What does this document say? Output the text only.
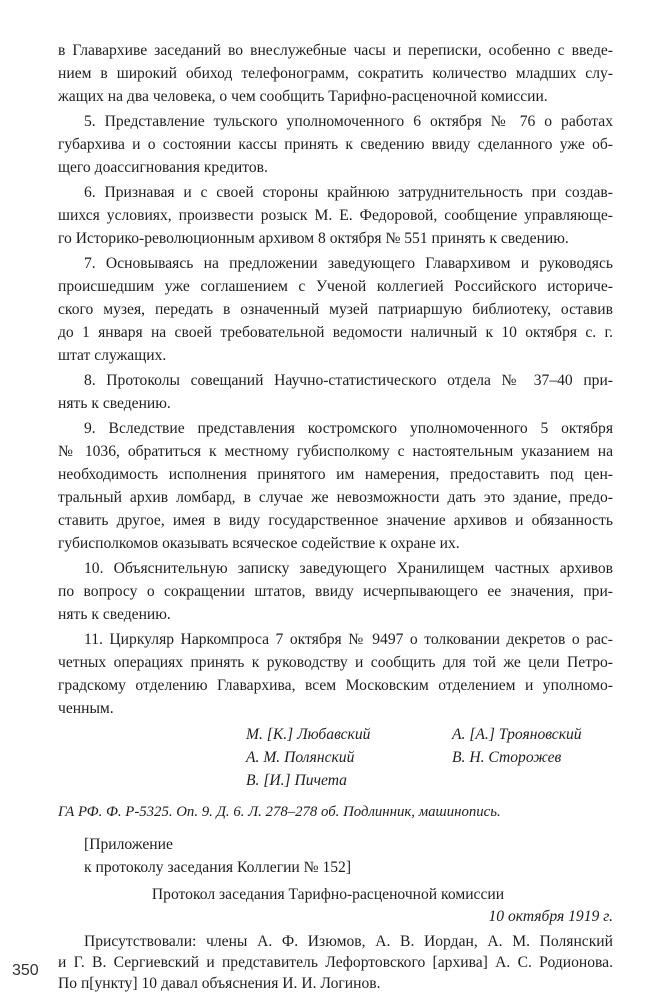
в Главархиве заседаний во внеслужебные часы и переписки, особенно с введе-
нием в широкий обиход телефонограмм, сократить количество младших слу-
жащих на два человека, о чем сообщить Тарифно-расценочной комиссии.
5. Представление тульского уполномоченного 6 октября № 76 о работах
губархива и о состоянии кассы принять к сведению ввиду сделанного уже об-
щего доассигнования кредитов.
6. Признавая и с своей стороны крайнюю затруднительность при создав-
шихся условиях, произвести розыск М. Е. Федоровой, сообщение управляюще-
го Историко-революционным архивом 8 октября № 551 принять к сведению.
7. Основываясь на предложении заведующего Главархивом и руководясь
происшедшим уже соглашением с Ученой коллегией Российского историче-
ского музея, передать в означенный музей патриаршую библиотеку, оставив
до 1 января на своей требовательной ведомости наличный к 10 октября с. г.
штат служащих.
8. Протоколы совещаний Научно-статистического отдела № 37–40 при-
нять к сведению.
9. Вследствие представления костромского уполномоченного 5 октября
№ 1036, обратиться к местному губисполкому с настоятельным указанием на
необходимость исполнения принятого им намерения, предоставить под цен-
тральный архив ломбард, в случае же невозможности дать это здание, предо-
ставить другое, имея в виду государственное значение архивов и обязанность
губисполкомов оказывать всяческое содействие к охране их.
10. Объяснительную записку заведующего Хранилищем частных архивов
по вопросу о сокращении штатов, ввиду исчерпывающего ее значения, при-
нять к сведению.
11. Циркуляр Наркомпроса 7 октября № 9497 о толковании декретов о рас-
четных операциях принять к руководству и сообщить для той же цели Петро-
градскому отделению Главархива, всем Московским отделением и уполномо-
ченным.
М. [К.] Любавский	А. [А.] Трояновский
А. М. Полянский	В. Н. Сторожев
В. [И.] Пичета
ГА РФ. Ф. Р-5325. Оп. 9. Д. 6. Л. 278–278 об. Подлинник, машинопись.
[Приложение
к протоколу заседания Коллегии № 152]
Протокол заседания Тарифно-расценочной комиссии
10 октября 1919 г.
Присутствовали: члены А. Ф. Изюмов, А. В. Иордан, А. М. Полянский
и Г. В. Сергиевский и представитель Лефортовского [архива] А. С. Родионова.
350
По п[ункту] 10 давал объяснения И. И. Логинов.
